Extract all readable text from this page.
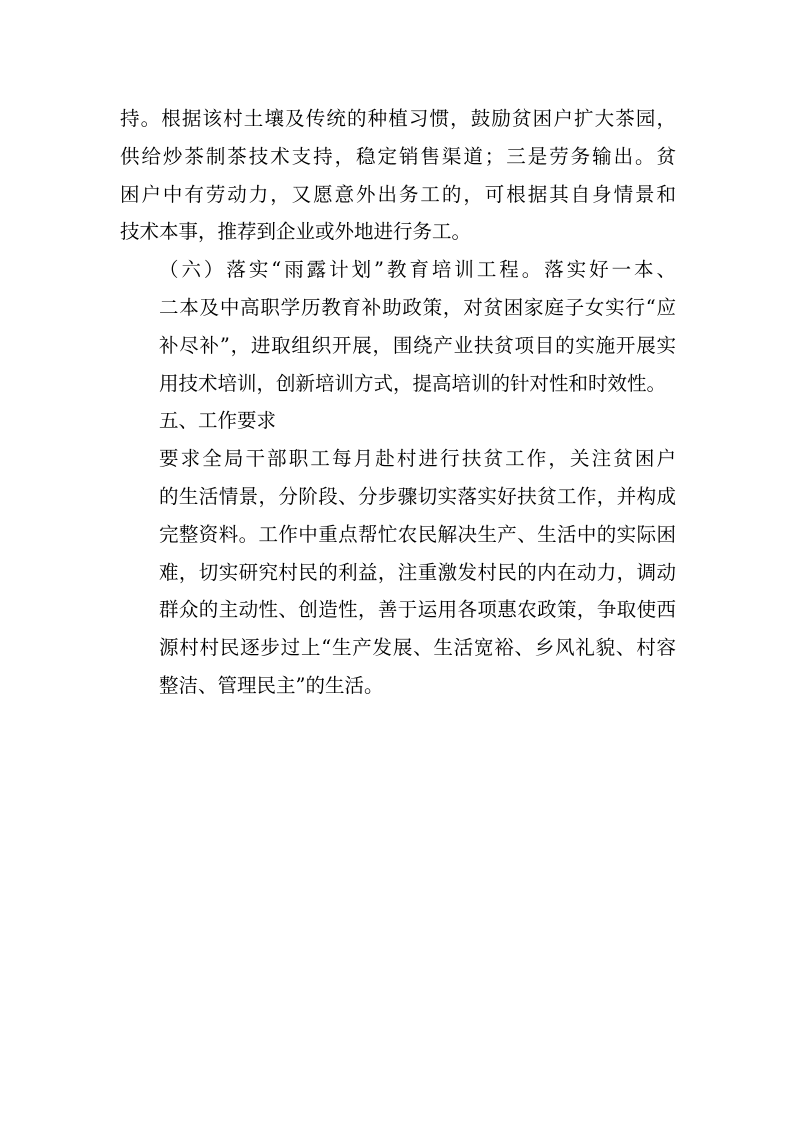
持。根据该村土壤及传统的种植习惯，鼓励贫困户扩大茶园，
供给炒茶制茶技术支持，稳定销售渠道；三是劳务输出。贫
困户中有劳动力，又愿意外出务工的，可根据其自身情景和
技术本事，推荐到企业或外地进行务工。

（六）落实“雨露计划”教育培训工程。落实好一本、
二本及中高职学历教育补助政策，对贫困家庭子女实行“应
补尽补”，进取组织开展，围绕产业扶贫项目的实施开展实
用技术培训，创新培训方式，提高培训的针对性和时效性。

五、工作要求

要求全局干部职工每月赴村进行扶贫工作，关注贫困户
的生活情景，分阶段、分步骤切实落实好扶贫工作，并构成
完整资料。工作中重点帮忙农民解决生产、生活中的实际困
难，切实研究村民的利益，注重激发村民的内在动力，调动
群众的主动性、创造性，善于运用各项惠农政策，争取使西
源村村民逐步过上“生产发展、生活宽裕、乡风礼貌、村容
整洁、管理民主”的生活。
